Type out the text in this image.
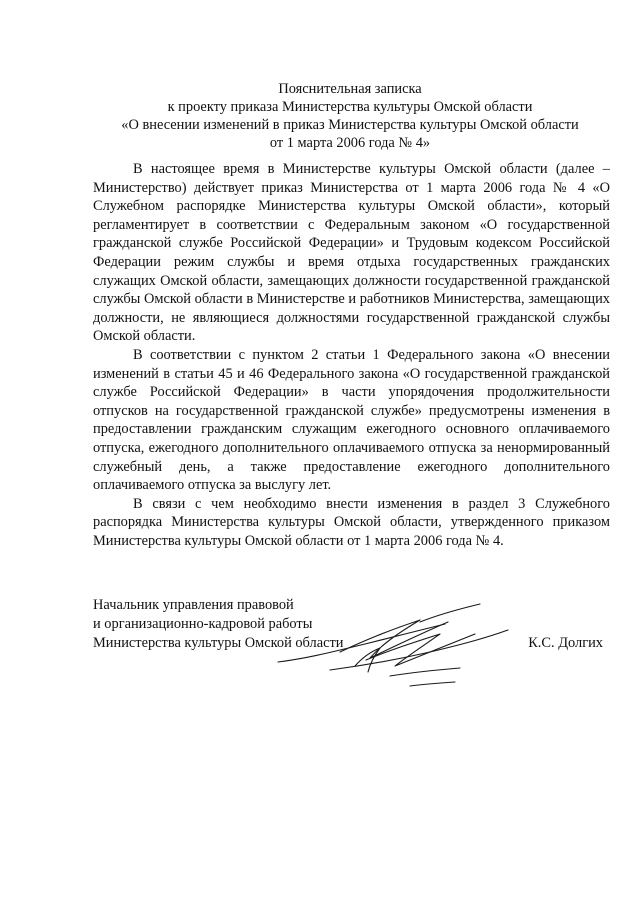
Пояснительная записка
к проекту приказа Министерства культуры Омской области
«О внесении изменений в приказ Министерства культуры Омской области
от 1 марта 2006 года № 4»

В настоящее время в Министерстве культуры Омской области (далее – Министерство) действует приказ Министерства от 1 марта 2006 года № 4 «О Служебном распорядке Министерства культуры Омской области», который регламентирует в соответствии с Федеральным законом «О государственной гражданской службе Российской Федерации» и Трудовым кодексом Российской Федерации режим службы и время отдыха государственных гражданских служащих Омской области, замещающих должности государственной гражданской службы Омской области в Министерстве и работников Министерства, замещающих должности, не являющиеся должностями государственной гражданской службы Омской области.

В соответствии с пунктом 2 статьи 1 Федерального закона «О внесении изменений в статьи 45 и 46 Федерального закона «О государственной гражданской службе Российской Федерации» в части упорядочения продолжительности отпусков на государственной гражданской службе» предусмотрены изменения в предоставлении гражданским служащим ежегодного основного оплачиваемого отпуска, ежегодного дополнительного оплачиваемого отпуска за ненормированный служебный день, а также предоставление ежегодного дополнительного оплачиваемого отпуска за выслугу лет.

В связи с чем необходимо внести изменения в раздел 3 Служебного распорядка Министерства культуры Омской области, утвержденного приказом Министерства культуры Омской области от 1 марта 2006 года № 4.

Начальник управления правовой
и организационно-кадровой работы
Министерства культуры Омской области	К.С. Долгих
